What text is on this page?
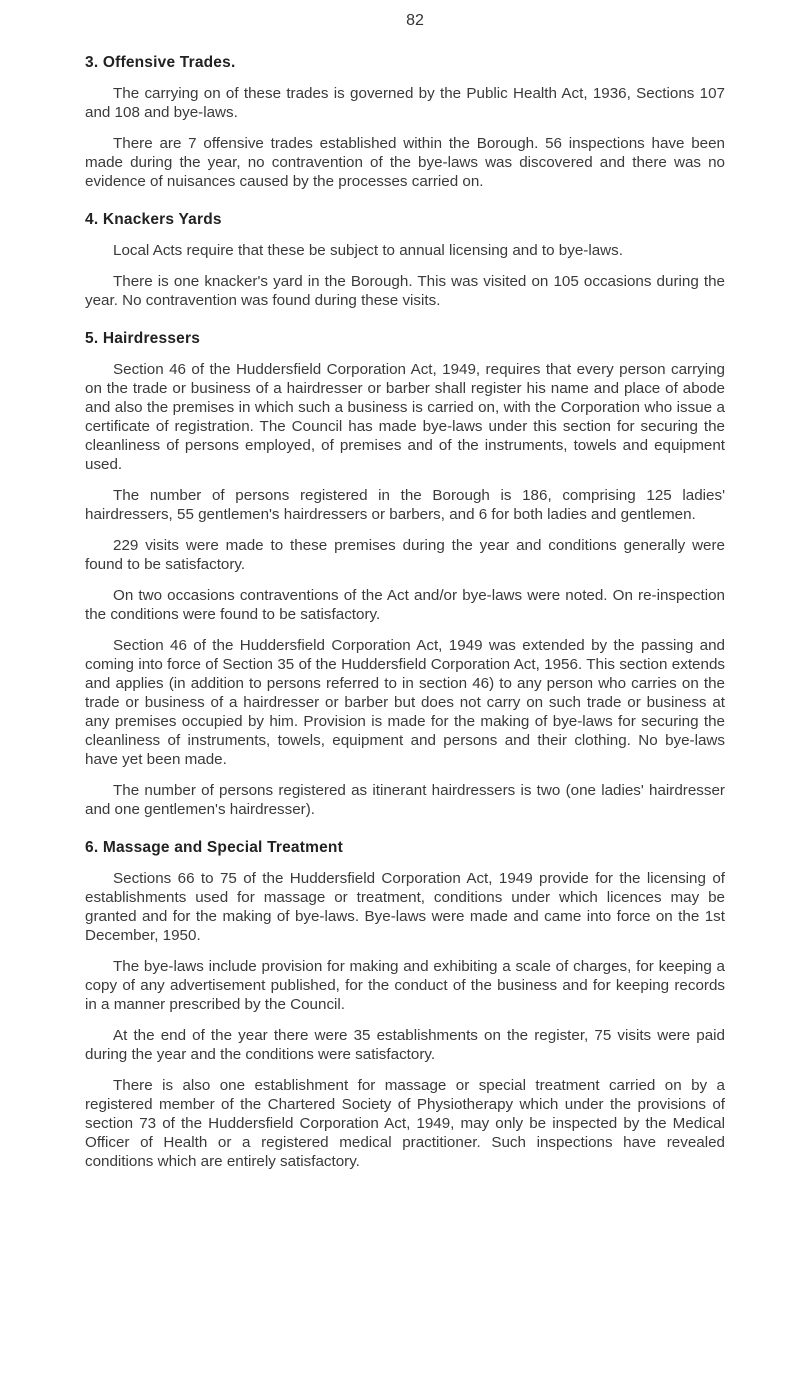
82
3. Offensive Trades.

The carrying on of these trades is governed by the Public Health Act, 1936, Sections 107 and 108 and bye-laws.

There are 7 offensive trades established within the Borough. 56 inspections have been made during the year, no contravention of the bye-laws was discovered and there was no evidence of nuisances caused by the processes carried on.

4. Knackers Yards

Local Acts require that these be subject to annual licensing and to bye-laws.

There is one knacker's yard in the Borough. This was visited on 105 occasions during the year. No contravention was found during these visits.

5. Hairdressers

Section 46 of the Huddersfield Corporation Act, 1949, requires that every person carrying on the trade or business of a hairdresser or barber shall register his name and place of abode and also the premises in which such a business is carried on, with the Corporation who issue a certificate of registration. The Council has made bye-laws under this section for securing the cleanliness of persons employed, of premises and of the instruments, towels and equipment used.

The number of persons registered in the Borough is 186, comprising 125 ladies' hairdressers, 55 gentlemen's hairdressers or barbers, and 6 for both ladies and gentlemen.

229 visits were made to these premises during the year and conditions generally were found to be satisfactory.

On two occasions contraventions of the Act and/or bye-laws were noted. On re-inspection the conditions were found to be satisfactory.

Section 46 of the Huddersfield Corporation Act, 1949 was extended by the passing and coming into force of Section 35 of the Huddersfield Corporation Act, 1956. This section extends and applies (in addition to persons referred to in section 46) to any person who carries on the trade or business of a hairdresser or barber but does not carry on such trade or business at any premises occupied by him. Provision is made for the making of bye-laws for securing the cleanliness of instruments, towels, equipment and persons and their clothing. No bye-laws have yet been made.

The number of persons registered as itinerant hairdressers is two (one ladies' hairdresser and one gentlemen's hairdresser).

6. Massage and Special Treatment

Sections 66 to 75 of the Huddersfield Corporation Act, 1949 provide for the licensing of establishments used for massage or treatment, conditions under which licences may be granted and for the making of bye-laws. Bye-laws were made and came into force on the 1st December, 1950.

The bye-laws include provision for making and exhibiting a scale of charges, for keeping a copy of any advertisement published, for the conduct of the business and for keeping records in a manner prescribed by the Council.

At the end of the year there were 35 establishments on the register, 75 visits were paid during the year and the conditions were satisfactory.

There is also one establishment for massage or special treatment carried on by a registered member of the Chartered Society of Physiotherapy which under the provisions of section 73 of the Huddersfield Corporation Act, 1949, may only be inspected by the Medical Officer of Health or a registered medical practitioner. Such inspections have revealed conditions which are entirely satisfactory.
